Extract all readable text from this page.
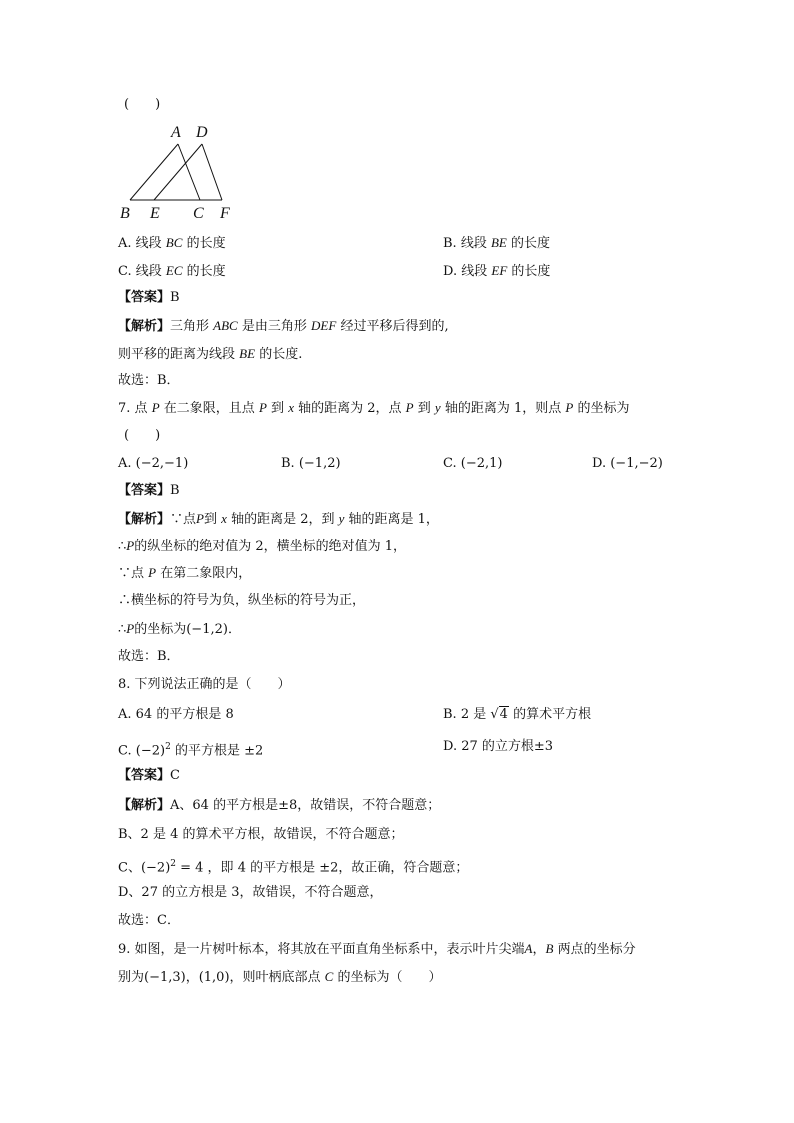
(　　)
A D
B E C F
A. 线段 BC 的长度	B. 线段 BE 的长度
C. 线段 EC 的长度	D. 线段 EF 的长度
【答案】B
【解析】三角形 ABC 是由三角形 DEF 经过平移后得到的,
则平移的距离为线段 BE 的长度.
故选：B．
7. 点 P 在二象限，且点 P 到 x 轴的距离为 2，点 P 到 y 轴的距离为 1，则点 P 的坐标为
(　　)
A. (−2,−1)	B. (−1,2)	C. (−2,1)	D. (−1,−2)
【答案】B
【解析】∵点P到 x 轴的距离是 2，到 y 轴的距离是 1，
∴P的纵坐标的绝对值为 2，横坐标的绝对值为 1，
∵点 P 在第二象限内，
∴横坐标的符号为负，纵坐标的符号为正，
∴P的坐标为(−1,2)．
故选：B．
8. 下列说法正确的是（　　）
A. 64 的平方根是 8	B. 2 是 √4 的算术平方根
C. $(-2)^2$ 的平方根是 ±2	D. 27 的立方根±3
【答案】C
【解析】A、64 的平方根是±8，故错误，不符合题意；
B、2 是 4 的算术平方根，故错误，不符合题意；
C、$(-2)^2 = 4$ ，即 4 的平方根是 ±2，故正确，符合题意；
D、27 的立方根是 3，故错误，不符合题意，
故选：C．
9. 如图，是一片树叶标本，将其放在平面直角坐标系中，表示叶片尖端A，B 两点的坐标分
别为(−1,3)，(1,0)，则叶柄底部点 C 的坐标为（　　）
